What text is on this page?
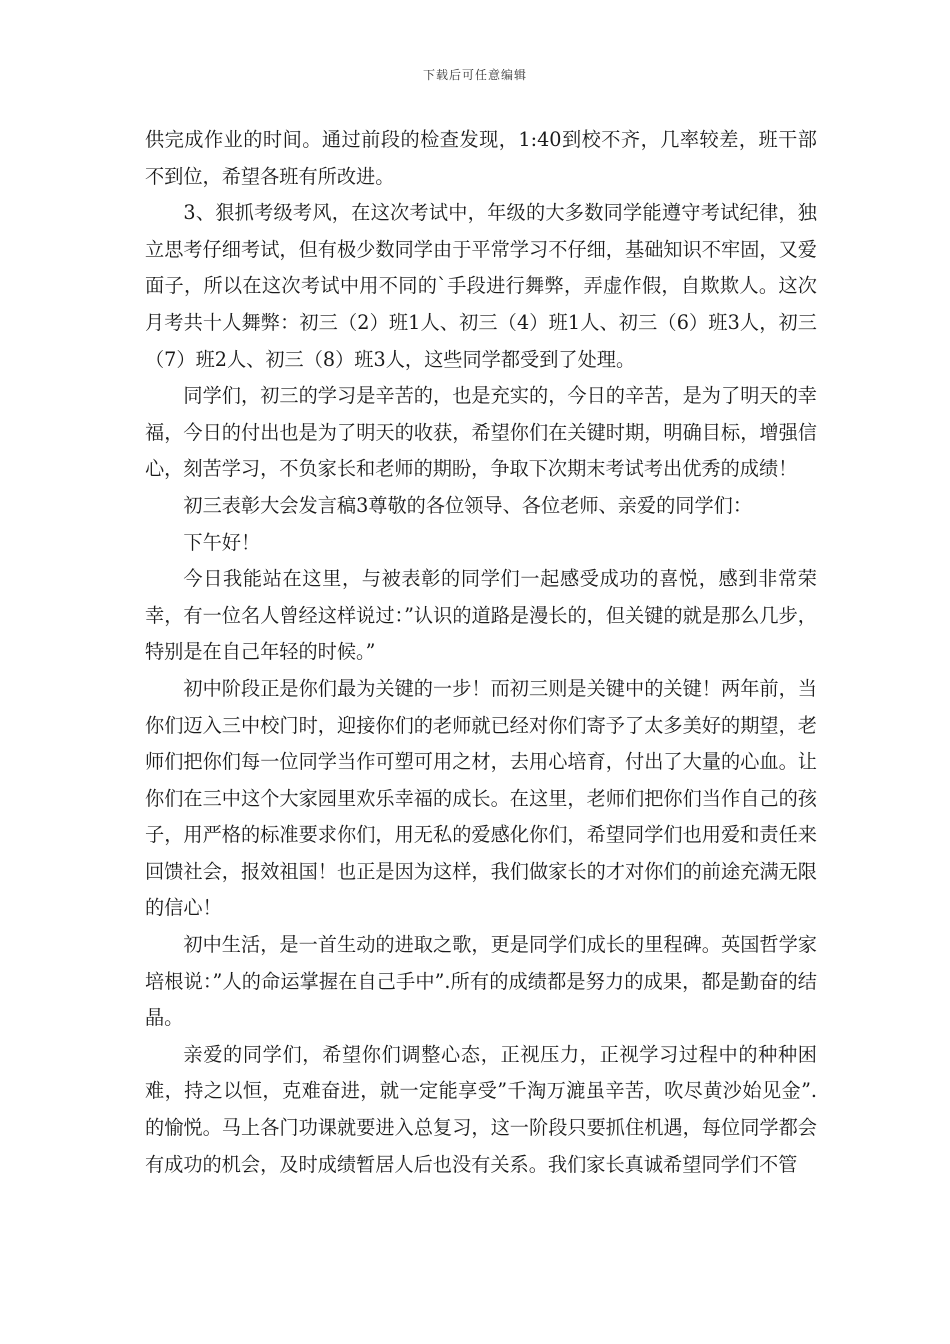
下载后可任意编辑

供完成作业的时间。通过前段的检查发现，1:40到校不齐，几率较差，班干部不到位，希望各班有所改进。

3、狠抓考级考风，在这次考试中，年级的大多数同学能遵守考试纪律，独立思考仔细考试，但有极少数同学由于平常学习不仔细，基础知识不牢固，又爱面子，所以在这次考试中用不同的`手段进行舞弊，弄虚作假，自欺欺人。这次月考共十人舞弊：初三（2）班1人、初三（4）班1人、初三（6）班3人，初三（7）班2人、初三（8）班3人，这些同学都受到了处理。

同学们，初三的学习是辛苦的，也是充实的，今日的辛苦，是为了明天的幸福，今日的付出也是为了明天的收获，希望你们在关键时期，明确目标，增强信心，刻苦学习，不负家长和老师的期盼，争取下次期末考试考出优秀的成绩！

初三表彰大会发言稿3尊敬的各位领导、各位老师、亲爱的同学们：

下午好！

今日我能站在这里，与被表彰的同学们一起感受成功的喜悦，感到非常荣幸，有一位名人曾经这样说过：”认识的道路是漫长的，但关键的就是那么几步，特别是在自己年轻的时候。”

初中阶段正是你们最为关键的一步！而初三则是关键中的关键！两年前，当你们迈入三中校门时，迎接你们的老师就已经对你们寄予了太多美好的期望，老师们把你们每一位同学当作可塑可用之材，去用心培育，付出了大量的心血。让你们在三中这个大家园里欢乐幸福的成长。在这里，老师们把你们当作自己的孩子，用严格的标准要求你们，用无私的爱感化你们，希望同学们也用爱和责任来回馈社会，报效祖国！也正是因为这样，我们做家长的才对你们的前途充满无限的信心！

初中生活，是一首生动的进取之歌，更是同学们成长的里程碑。英国哲学家培根说：”人的命运掌握在自己手中”.所有的成绩都是努力的成果，都是勤奋的结晶。

亲爱的同学们，希望你们调整心态，正视压力，正视学习过程中的种种困难，持之以恒，克难奋进，就一定能享受”千淘万漉虽辛苦，吹尽黄沙始见金”.的愉悦。马上各门功课就要进入总复习，这一阶段只要抓住机遇，每位同学都会有成功的机会，及时成绩暂居人后也没有关系。我们家长真诚希望同学们不管
